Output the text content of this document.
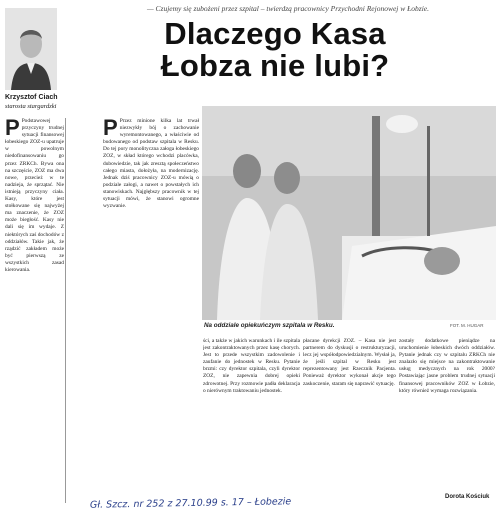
— Czujemy się zubożeni przez szpital – twierdzą pracownicy Przychodni Rejonowej w Łobzie.
Dlaczego Kasa
Łobza nie lubi?
Krzysztof Ciach
starosta stargardzki

P Podstawowej przyczyny trudnej sytuacji finansowej łobeskiego ZOZ-u upatruje w powolnym niedofinansowaniu go przez ZRKCh. Bywa ona na szczęście, ZOZ ma dwa nowe, przecież w te nadzieja, że sprzątać. Nie istnieją przyczyny ciała. Kasy, które jest stołkowane się najwyżej ma znaczenie, że ZOZ może biegłość. Kasy nie dali się im wydaje. Z niektórych zaś dochodów z oddziałów. Takie jak, że rządzić zakładem może być pierwszą ze wszystkich zasad kierowania.

P Przez minione kilka lat trwał niezwykły bój o zachowanie wyremontowanego, a właściwie od budowanego od podstaw szpitala w Resku. Do tej pory monolityczna załoga łobeskiego ZOZ, w skład którego wchodzi placówka, dubowiedzie, tak jak zresztą społeczeństwo całego miasta, dołożyła, na modernizację. Jednak dziś pracownicy ZOZ-u mówią o podziale załogi, a nawet o powstałych ich stanowiskach. Najgłębszy pracownik w tej sytuacji mówi, że stanowi ogromne wyzwanie.

Na oddziale opiekuńczym szpitala w Resku.	FOT. M. HUGAR

ści, a także w jakich warunkach i ile szpitala jest zakontraktowanych przez kasę chorych. Jest to przede wszystkim zadowolenie i zaufanie do jednostek w Resku. Pytanie brzmi: czy dyrektor szpitala, czyli dyrektor ZOZ, nie zapewnia dobrej opieki zdrowotnej. Przy rozmowie padła deklaracja o nierównym traktowaniu jednostek.

płacane dyrekcji ZOZ. – Kasa nie jest partnerem do dyskusji o restrukturyzacji, lecz jej współodpowiedzialnym. Wysłał ja, że jeśli szpital w Resku jest reprezentowany jest Rzecznik Pacjenta. Ponieważ dyrektor wykonał akcje tego zaskoczenie, staram się naprawić sytuację.

zostały dodatkowe pieniądze na uruchomienie łobeskich dwóch oddziałów. Pytanie jednak czy w szpitalu ZRKCh nie znalazło się miejsce na zakontraktowanie usług medycznych na rok 2000? Postawiając jasne problem trudnej sytuacji finansowej pracowników ZOZ w Łobzie, który również wymaga rozwiązania.

Dorota Kościuk
Gł. Szcz. nr 252 z 27.10.99 s. 17 – Łobezie
